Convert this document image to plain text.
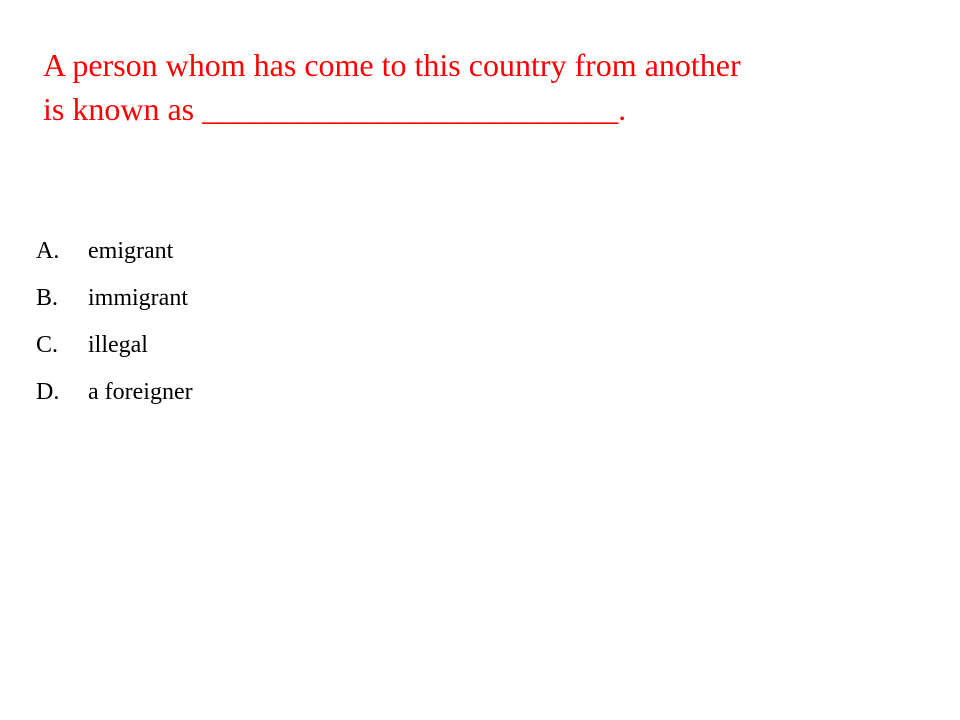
A person whom has come to this country from another
is known as __________________________.
A. emigrant
B. immigrant
C. illegal
D. a foreigner
